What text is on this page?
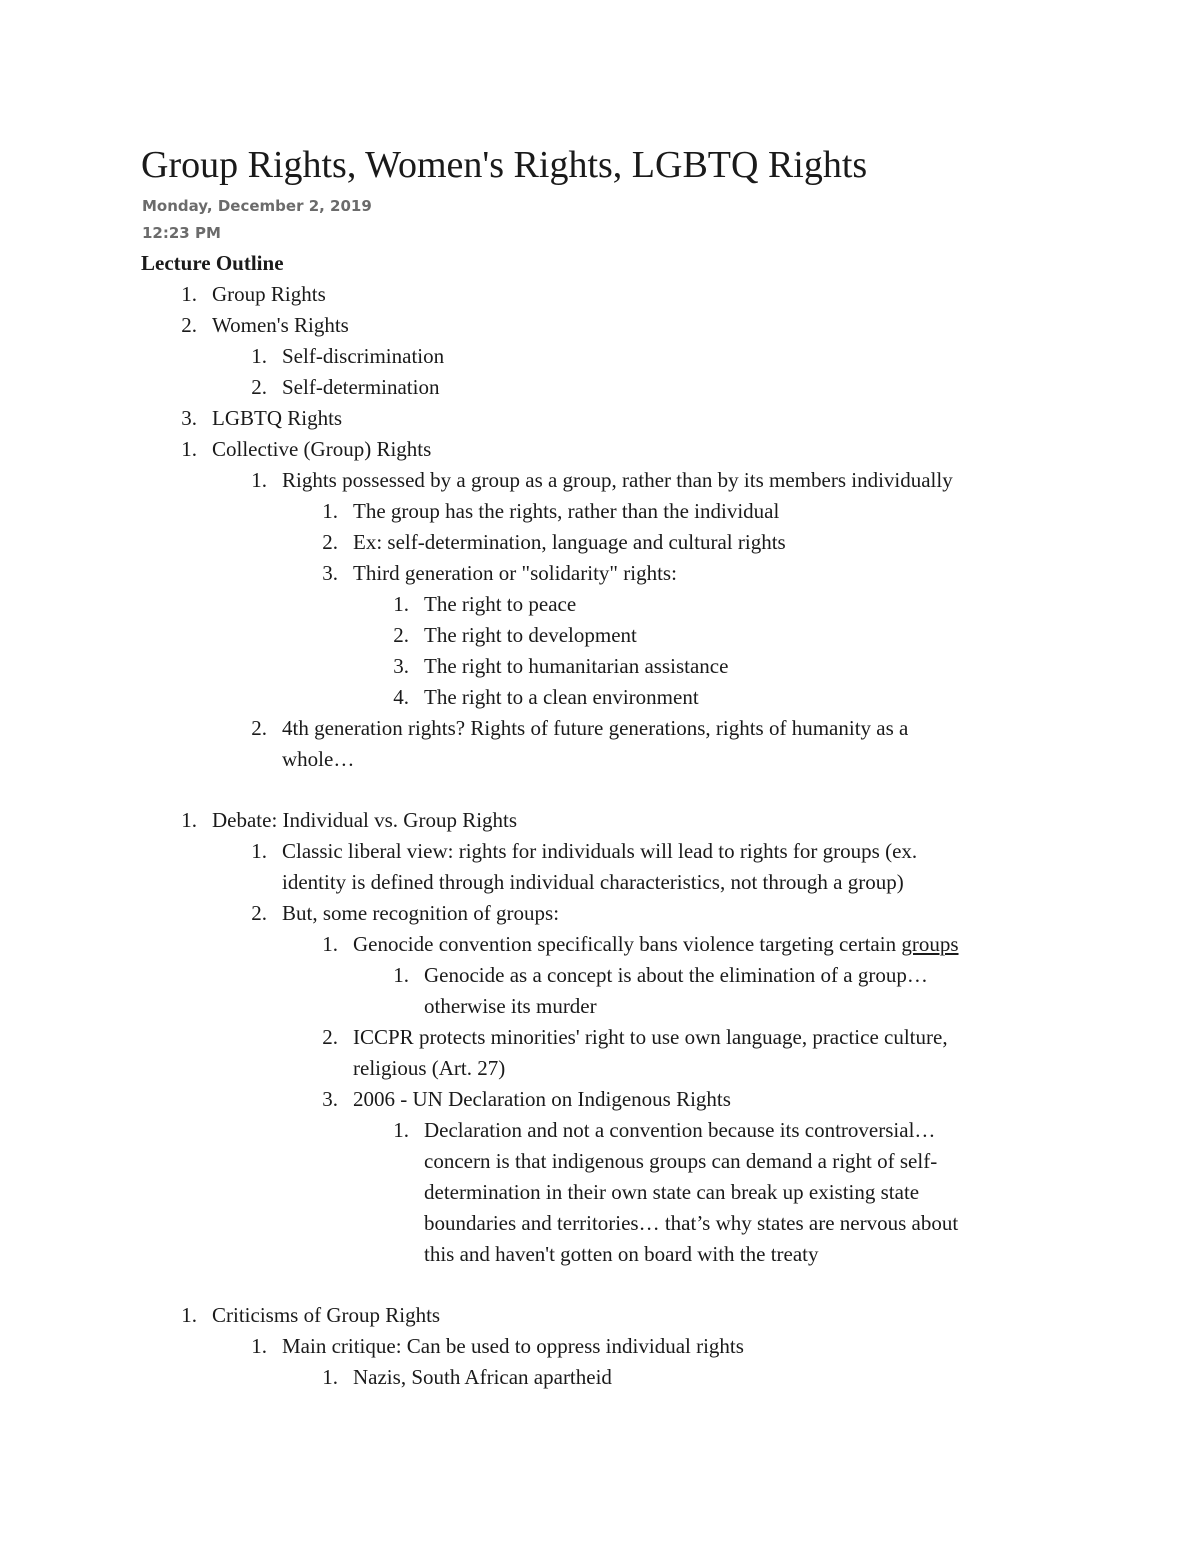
Group Rights, Women's Rights, LGBTQ Rights
Monday, December 2, 2019
12:23 PM
Lecture Outline
1. Group Rights
2. Women's Rights
1. Self-discrimination
2. Self-determination
3. LGBTQ Rights
1. Collective (Group) Rights
1. Rights possessed by a group as a group, rather than by its members individually
1. The group has the rights, rather than the individual
2. Ex: self-determination, language and cultural rights
3. Third generation or "solidarity" rights:
1. The right to peace
2. The right to development
3. The right to humanitarian assistance
4. The right to a clean environment
2. 4th generation rights? Rights of future generations, rights of humanity as a
whole…
1. Debate: Individual vs. Group Rights
1. Classic liberal view: rights for individuals will lead to rights for groups (ex.
identity is defined through individual characteristics, not through a group)
2. But, some recognition of groups:
1. Genocide convention specifically bans violence targeting certain groups
1. Genocide as a concept is about the elimination of a group…
otherwise its murder
2. ICCPR protects minorities' right to use own language, practice culture,
religious (Art. 27)
3. 2006 - UN Declaration on Indigenous Rights
1. Declaration and not a convention because its controversial…
concern is that indigenous groups can demand a right of self-
determination in their own state can break up existing state
boundaries and territories… that’s why states are nervous about
this and haven't gotten on board with the treaty
1. Criticisms of Group Rights
1. Main critique: Can be used to oppress individual rights
1. Nazis, South African apartheid
